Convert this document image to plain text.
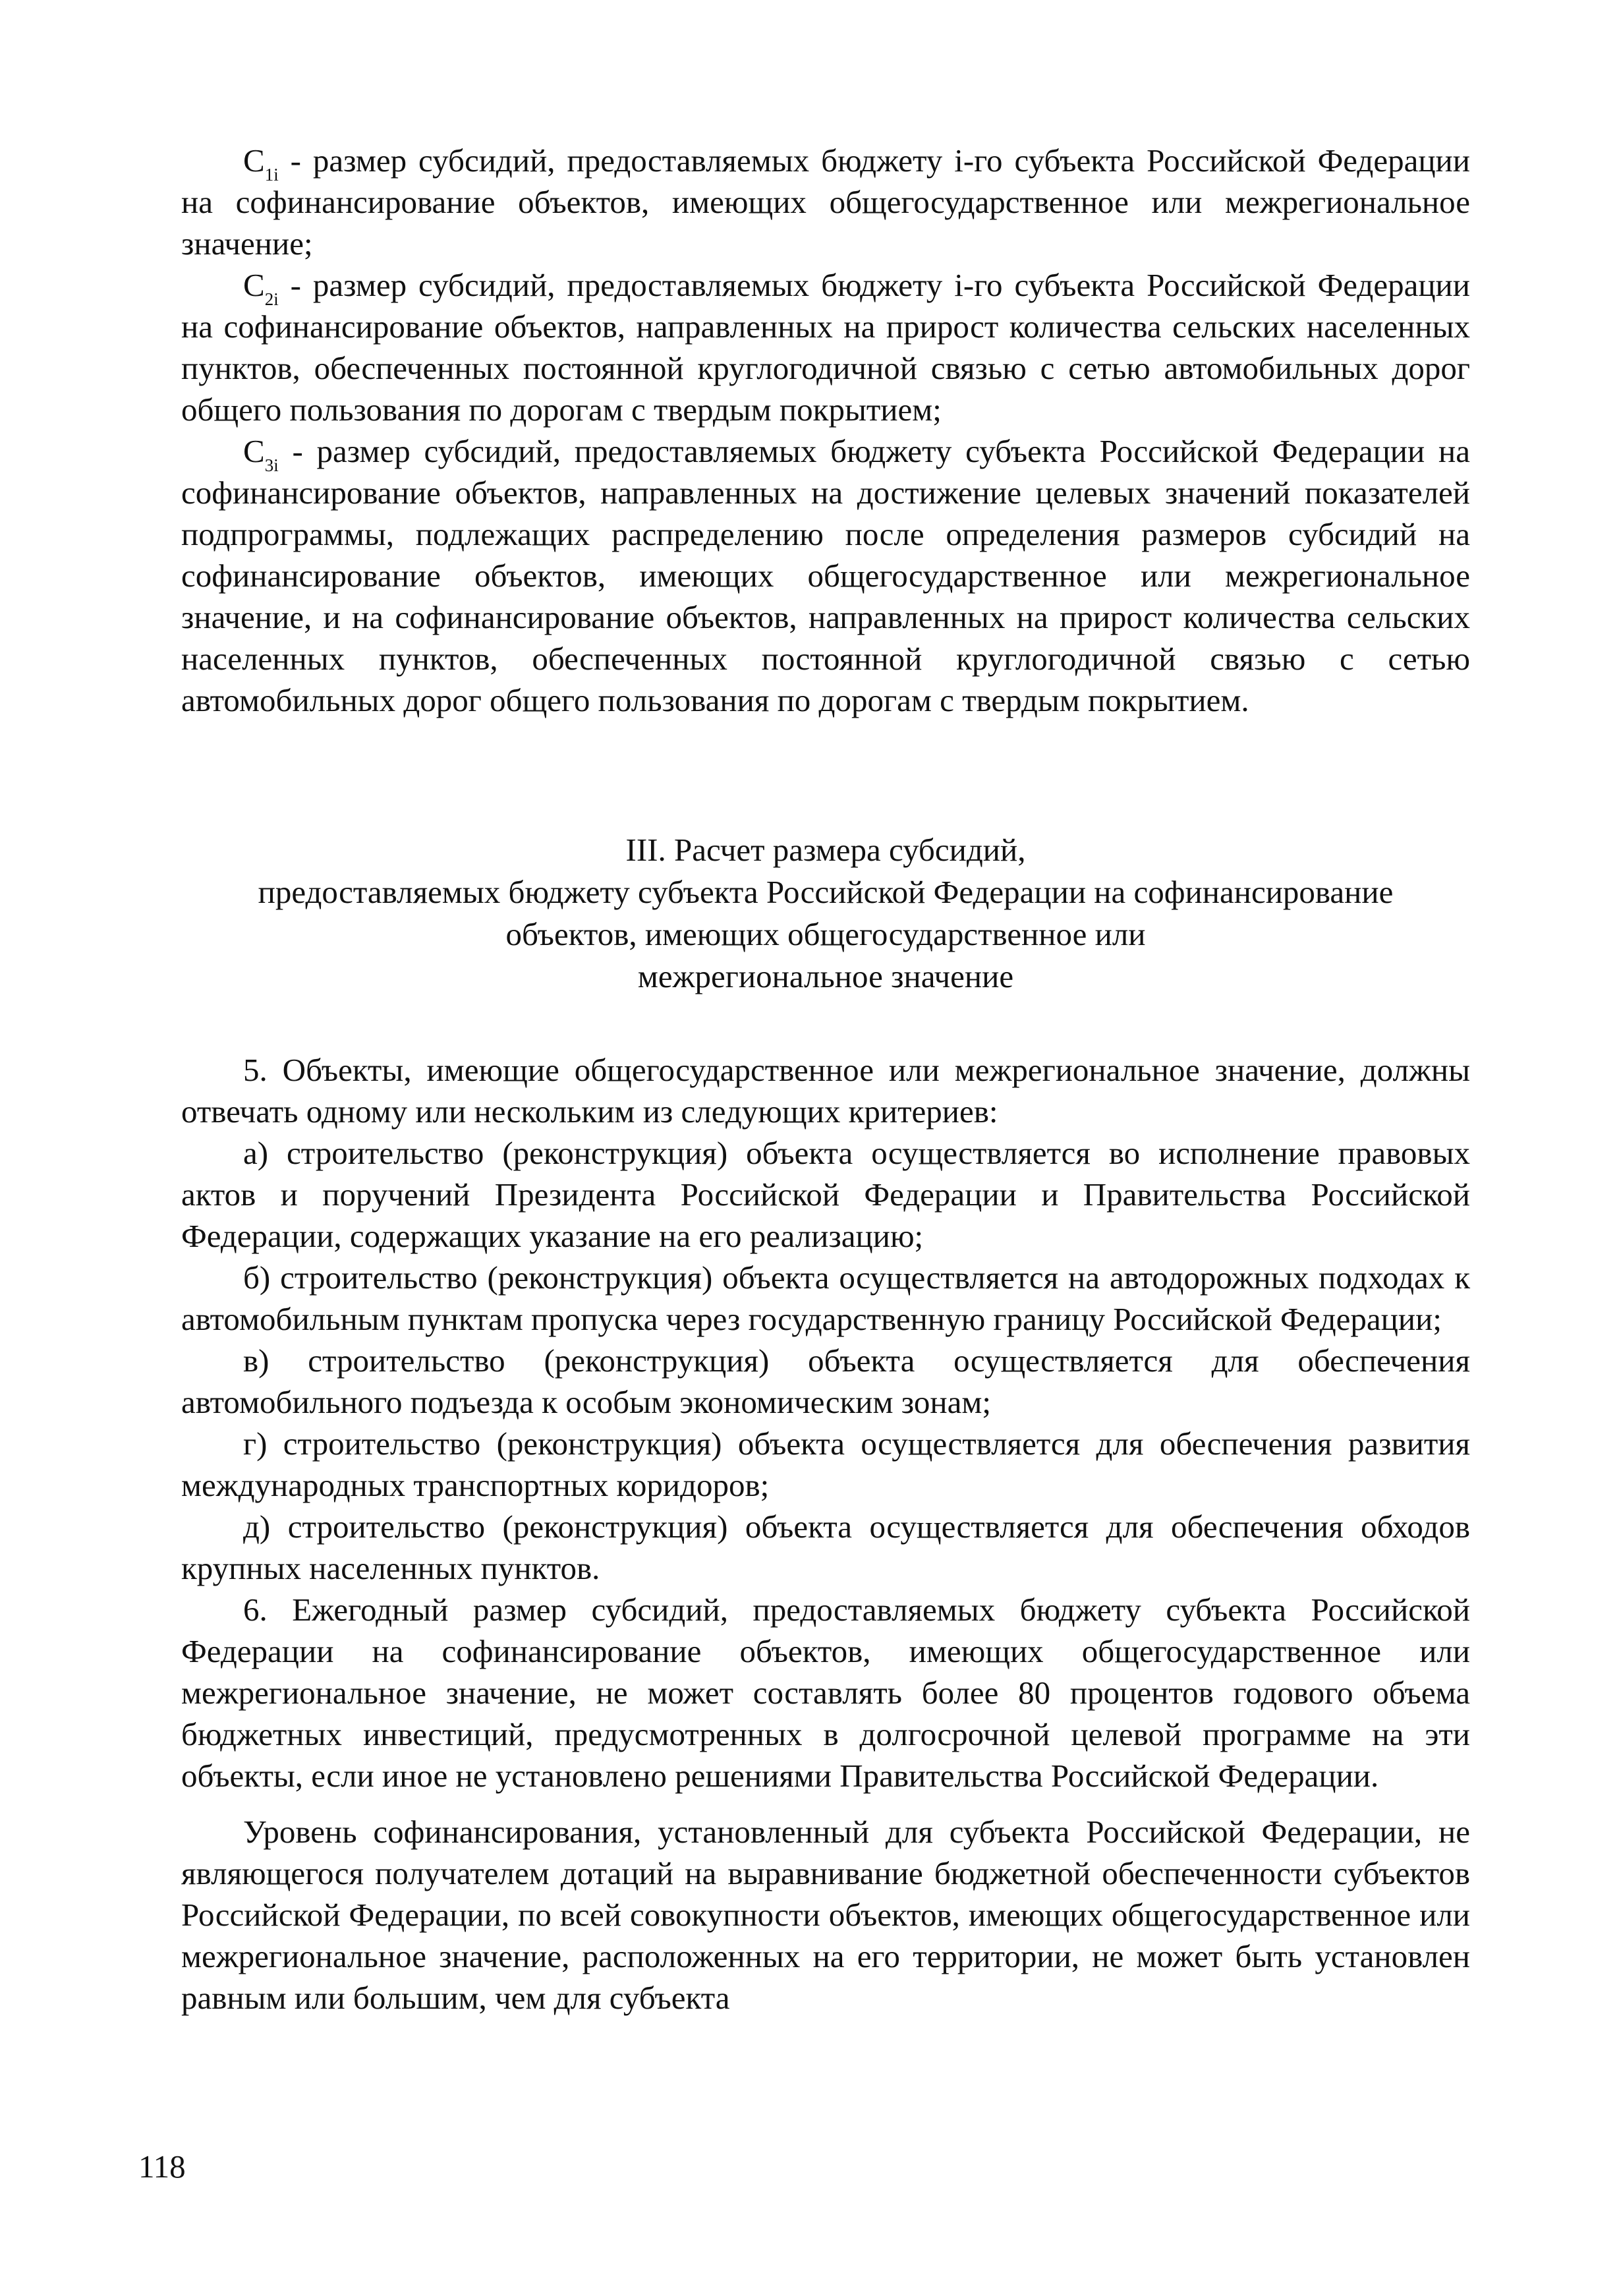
$C_{1i}$ - размер субсидий, предоставляемых бюджету i-го субъекта Российской Федерации на софинансирование объектов, имеющих общегосударственное или межрегиональное значение;

$C_{2i}$ - размер субсидий, предоставляемых бюджету i-го субъекта Российской Федерации на софинансирование объектов, направленных на прирост количества сельских населенных пунктов, обеспеченных постоянной круглогодичной связью с сетью автомобильных дорог общего пользования по дорогам с твердым покрытием;

$C_{3i}$ - размер субсидий, предоставляемых бюджету субъекта Российской Федерации на софинансирование объектов, направленных на достижение целевых значений показателей подпрограммы, подлежащих распределению после определения размеров субсидий на софинансирование объектов, имеющих общегосударственное или межрегиональное значение, и на софинансирование объектов, направленных на прирост количества сельских населенных пунктов, обеспеченных постоянной круглогодичной связью с сетью автомобильных дорог общего пользования по дорогам с твердым покрытием.

III. Расчет размера субсидий,
предоставляемых бюджету субъекта Российской Федерации на софинансирование
объектов, имеющих общегосударственное или
межрегиональное значение

5. Объекты, имеющие общегосударственное или межрегиональное значение, должны отвечать одному или нескольким из следующих критериев:

а) строительство (реконструкция) объекта осуществляется во исполнение правовых актов и поручений Президента Российской Федерации и Правительства Российской Федерации, содержащих указание на его реализацию;

б) строительство (реконструкция) объекта осуществляется на автодорожных подходах к автомобильным пунктам пропуска через государственную границу Российской Федерации;

в) строительство (реконструкция) объекта осуществляется для обеспечения автомобильного подъезда к особым экономическим зонам;

г) строительство (реконструкция) объекта осуществляется для обеспечения развития международных транспортных коридоров;

д) строительство (реконструкция) объекта осуществляется для обеспечения обходов крупных населенных пунктов.

6. Ежегодный размер субсидий, предоставляемых бюджету субъекта Российской Федерации на софинансирование объектов, имеющих общегосударственное или межрегиональное значение, не может составлять более 80 процентов годового объема бюджетных инвестиций, предусмотренных в долгосрочной целевой программе на эти объекты, если иное не установлено решениями Правительства Российской Федерации.

Уровень софинансирования, установленный для субъекта Российской Федерации, не являющегося получателем дотаций на выравнивание бюджетной обеспеченности субъектов Российской Федерации, по всей совокупности объектов, имеющих общегосударственное или межрегиональное значение, расположенных на его территории, не может быть установлен равным или большим, чем для субъекта

118
